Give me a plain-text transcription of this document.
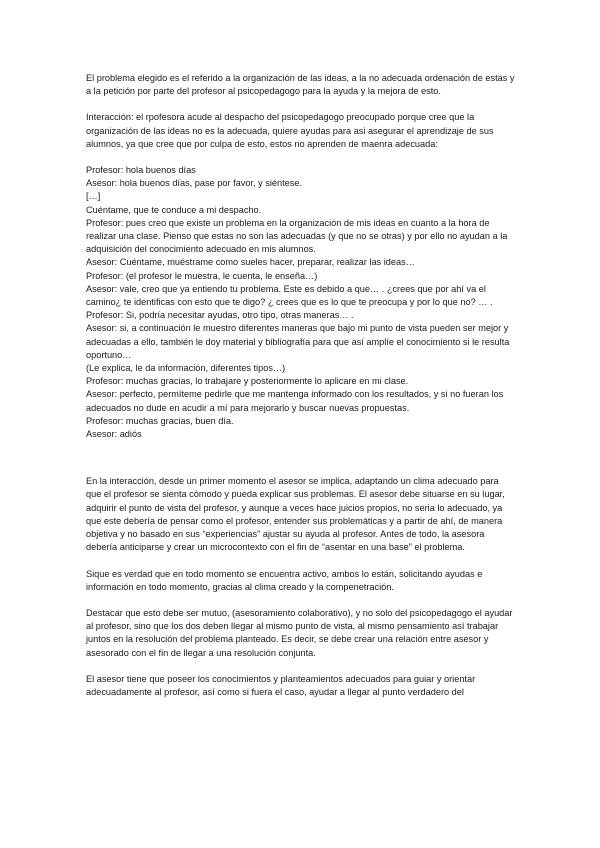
El problema elegido es el referido a la organización de las ideas, a la no adecuada ordenación de estas y a la petición por parte del profesor al psicopedagogo para la ayuda y la mejora de esto.

Interacción: el rpofesora acude al despacho del psicopedagogo preocupado porque cree que la organización de las ideas no es la adecuada, quiere ayudas para asi asegurar el aprendizaje de sus alumnos, ya que cree que por culpa de esto, estos no aprenden de maenra adecuada:

Profesor: hola buenos días

Asesor: hola buenos días, pase por favor, y siéntese.

[…]

Cuéntame, que te conduce a mi despacho.

Profesor: pues creo que existe un problema en la organización de mis ideas en cuanto a la hora de realizar una clase. Pienso que estas no son las adecuadas (y que no se otras) y por ello no ayudan a la adquisición del conocimiento adecuado en mis alumnos.

Asesor: Cuéntame, muéstrame como sueles hacer, preparar, realizar las ideas…

Profesor: (el profesor le muestra, le cuenta, le enseña…)

Asesor: vale, creo que ya entiendo tu problema. Este es debido a que… . ¿crees que por ahí va el camino¿ te identificas con esto que te digo? ¿ crees que es lo que te preocupa y por lo que no? … .

Profesor: Si, podría necesitar ayudas, otro tipo, otras maneras… .

Asesor: si, a continuación le muestro diferentes maneras que bajo mi punto de vista pueden ser mejor y adecuadas a ello, también le doy material y bibliografía para que así amplíe el conocimiento si le resulta oportuno…

(Le explica, le da información, diferentes tipos…)

Profesor: muchas gracias, lo trabajare y posteriormente lo aplicare en mi clase.

Asesor: perfecto, permíteme pedirle que me mantenga informado con los resultados, y si no fueran los adecuados no dude en acudir a mí para mejorarlo y buscar nuevas propuestas.

Profesor: muchas gracias, buen día.

Asesor: adiós

En la interacción, desde un primer momento el asesor se implica, adaptando un clima adecuado para que el profesor se sienta cómodo y pueda explicar sus problemas. El asesor debe situarse en su lugar, adquirir el punto de vista del profesor, y aunque a veces hace juicios propios, no seria lo adecuado, ya que este debería de pensar como el profesor, entender sus problemáticas y a partir de ahí, de manera objetiva y no basado en sus “experiencias” ajustar su ayuda al profesor. Antes de todo, la asesora debería anticiparse y crear un microcontexto con el fin de “asentar en una base” el problema.

Sique es verdad que en todo momento se encuentra activo, ambos lo están, solicitando ayudas e información en todo momento, gracias al clima creado y la compenetración.

Destacar que esto debe ser mutuo, (asesoramiento colaborativo), y no solo del psicopedagogo el ayudar al profesor, sino que los dos deben llegar al mismo punto de vista, al mismo pensamiento así trabajar juntos en la resolución del problema planteado. Es decir, se debe crear una relación entre asesor y asesorado con el fin de llegar a una resolución conjunta.

El asesor tiene que poseer los conocimientos y planteamientos adecuados para guiar y orientar adecuadamente al profesor, así como si fuera el caso, ayudar a llegar al punto verdadero del
